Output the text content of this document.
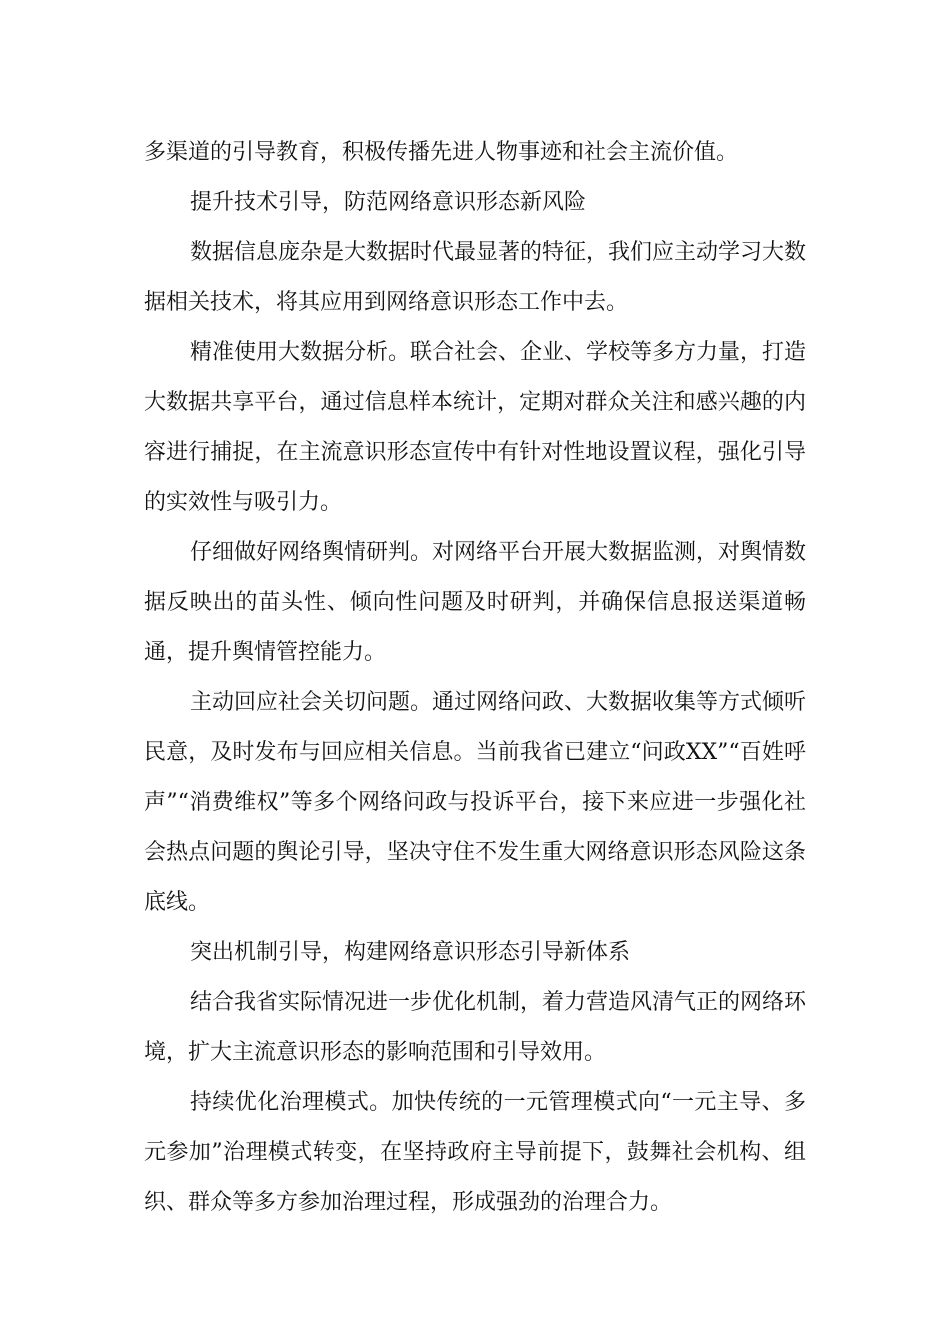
多渠道的引导教育，积极传播先进人物事迹和社会主流价值。

提升技术引导，防范网络意识形态新风险

数据信息庞杂是大数据时代最显著的特征，我们应主动学习大数据相关技术，将其应用到网络意识形态工作中去。

精准使用大数据分析。联合社会、企业、学校等多方力量，打造大数据共享平台，通过信息样本统计，定期对群众关注和感兴趣的内容进行捕捉，在主流意识形态宣传中有针对性地设置议程，强化引导的实效性与吸引力。

仔细做好网络舆情研判。对网络平台开展大数据监测，对舆情数据反映出的苗头性、倾向性问题及时研判，并确保信息报送渠道畅通，提升舆情管控能力。

主动回应社会关切问题。通过网络问政、大数据收集等方式倾听民意，及时发布与回应相关信息。当前我省已建立“问政XX”“百姓呼声”“消费维权”等多个网络问政与投诉平台，接下来应进一步强化社会热点问题的舆论引导，坚决守住不发生重大网络意识形态风险这条底线。

突出机制引导，构建网络意识形态引导新体系

结合我省实际情况进一步优化机制，着力营造风清气正的网络环境，扩大主流意识形态的影响范围和引导效用。

持续优化治理模式。加快传统的一元管理模式向“一元主导、多元参加”治理模式转变，在坚持政府主导前提下，鼓舞社会机构、组织、群众等多方参加治理过程，形成强劲的治理合力。
